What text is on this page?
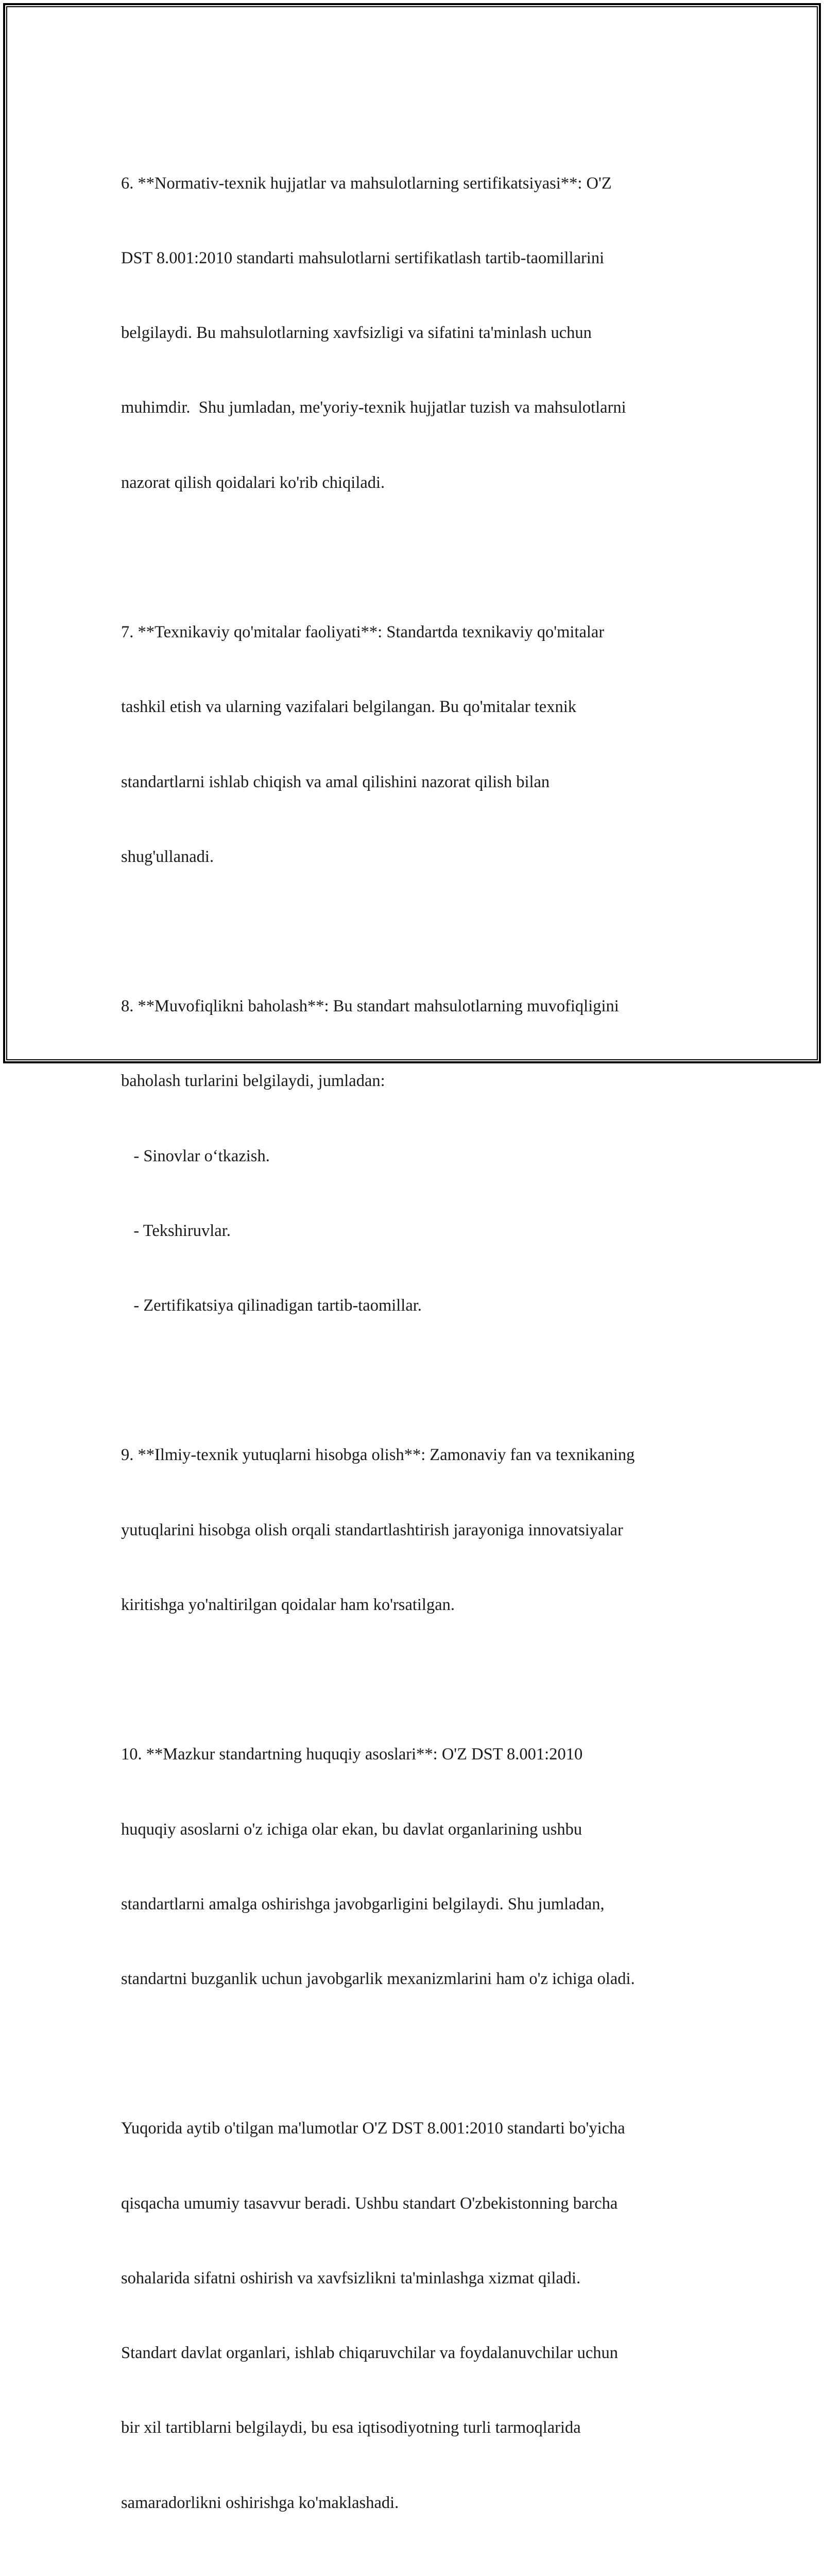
6. **Normativ-texnik hujjatlar va mahsulotlarning sertifikatsiyasi**: O'Z

DST 8.001:2010 standarti mahsulotlarni sertifikatlash tartib-taomillarini

belgilaydi. Bu mahsulotlarning xavfsizligi va sifatini ta'minlash uchun

muhimdir.  Shu jumladan, me'yoriy-texnik hujjatlar tuzish va mahsulotlarni

nazorat qilish qoidalari ko'rib chiqiladi.

7. **Texnikaviy qo'mitalar faoliyati**: Standartda texnikaviy qo'mitalar

tashkil etish va ularning vazifalari belgilangan. Bu qo'mitalar texnik

standartlarni ishlab chiqish va amal qilishini nazorat qilish bilan

shug'ullanadi.

8. **Muvofiqlikni baholash**: Bu standart mahsulotlarning muvofiqligini

baholash turlarini belgilaydi, jumladan:

- Sinovlar o‘tkazish.

- Tekshiruvlar.

- Zertifikatsiya qilinadigan tartib-taomillar.

9. **Ilmiy-texnik yutuqlarni hisobga olish**: Zamonaviy fan va texnikaning

yutuqlarini hisobga olish orqali standartlashtirish jarayoniga innovatsiyalar

kiritishga yo'naltirilgan qoidalar ham ko'rsatilgan.

10. **Mazkur standartning huquqiy asoslari**: O'Z DST 8.001:2010

huquqiy asoslarni o'z ichiga olar ekan, bu davlat organlarining ushbu

standartlarni amalga oshirishga javobgarligini belgilaydi. Shu jumladan,

standartni buzganlik uchun javobgarlik mexanizmlarini ham o'z ichiga oladi.

Yuqorida aytib o'tilgan ma'lumotlar O'Z DST 8.001:2010 standarti bo'yicha

qisqacha umumiy tasavvur beradi. Ushbu standart O'zbekistonning barcha

sohalarida sifatni oshirish va xavfsizlikni ta'minlashga xizmat qiladi.

Standart davlat organlari, ishlab chiqaruvchilar va foydalanuvchilar uchun

bir xil tartiblarni belgilaydi, bu esa iqtisodiyotning turli tarmoqlarida

samaradorlikni oshirishga ko'maklashadi.
